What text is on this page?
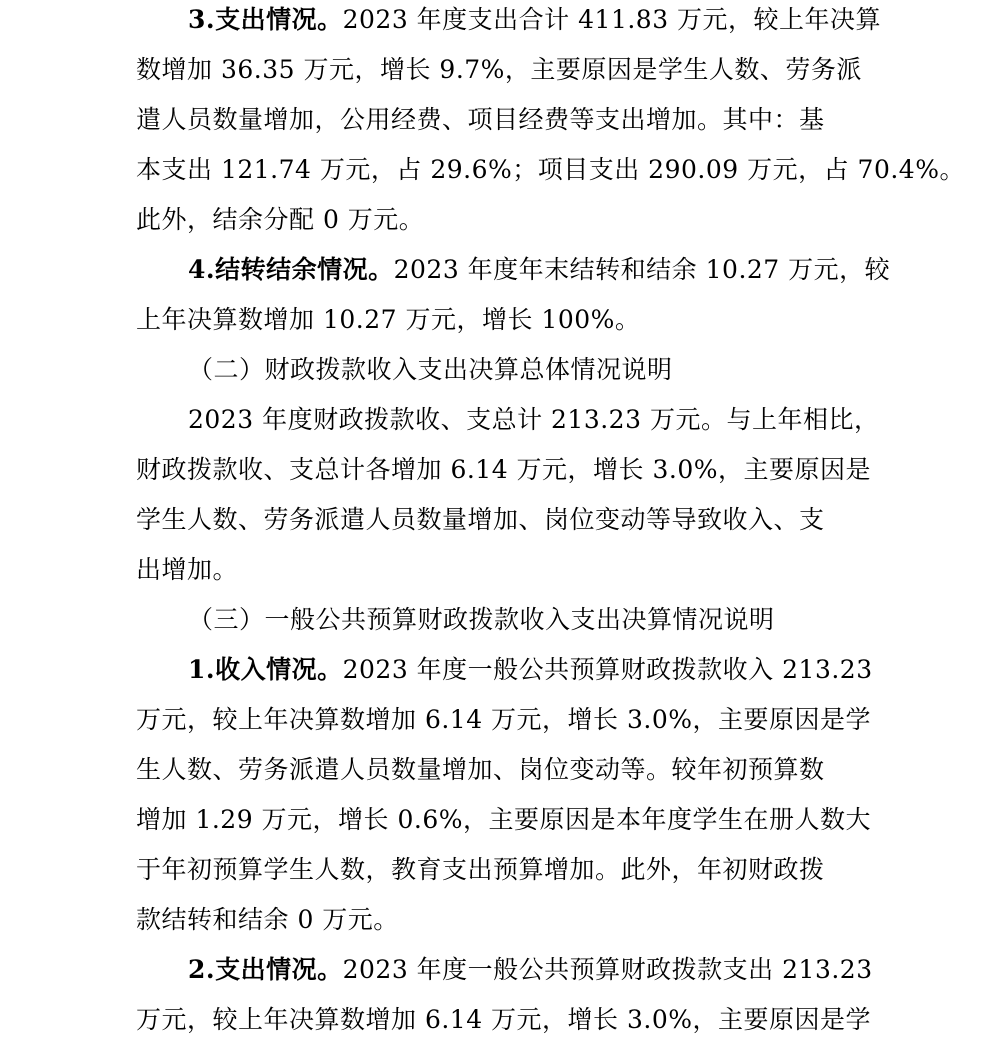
3.支出情况。2023 年度支出合计 411.83 万元，较上年决算
数增加 36.35 万元，增长 9.7%，主要原因是学生人数、劳务派
遣人员数量增加，公用经费、项目经费等支出增加。其中：基
本支出 121.74 万元，占 29.6%；项目支出 290.09 万元，占 70.4%。
此外，结余分配 0 万元。
4.结转结余情况。2023 年度年末结转和结余 10.27 万元，较
上年决算数增加 10.27 万元，增长 100%。
（二）财政拨款收入支出决算总体情况说明
2023 年度财政拨款收、支总计 213.23 万元。与上年相比，
财政拨款收、支总计各增加 6.14 万元，增长 3.0%，主要原因是
学生人数、劳务派遣人员数量增加、岗位变动等导致收入、支
出增加。
（三）一般公共预算财政拨款收入支出决算情况说明
1.收入情况。2023 年度一般公共预算财政拨款收入 213.23
万元，较上年决算数增加 6.14 万元，增长 3.0%，主要原因是学
生人数、劳务派遣人员数量增加、岗位变动等。较年初预算数
增加 1.29 万元，增长 0.6%，主要原因是本年度学生在册人数大
于年初预算学生人数，教育支出预算增加。此外，年初财政拨
款结转和结余 0 万元。
2.支出情况。2023 年度一般公共预算财政拨款支出 213.23
万元，较上年决算数增加 6.14 万元，增长 3.0%，主要原因是学
